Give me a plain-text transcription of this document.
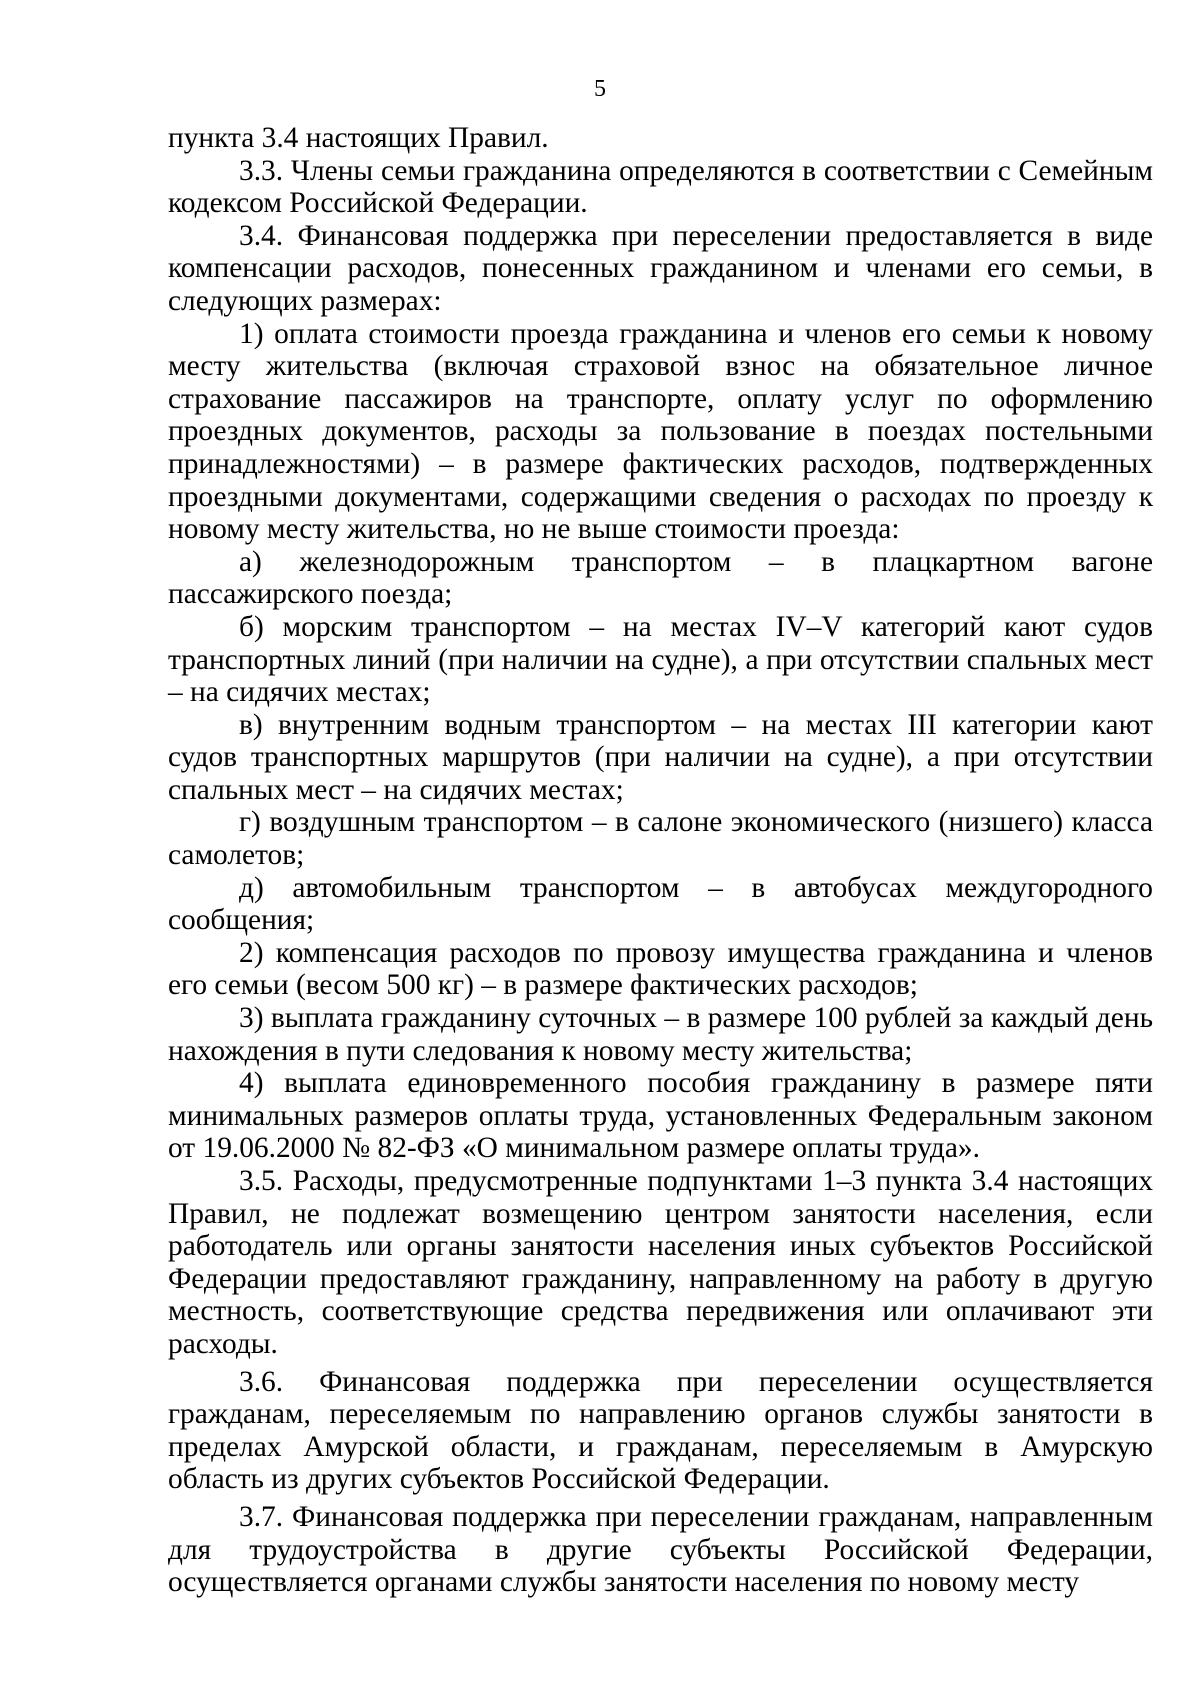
5

пункта 3.4 настоящих Правил.

3.3. Члены семьи гражданина определяются в соответствии с Семейным кодексом Российской Федерации.

3.4. Финансовая поддержка при переселении предоставляется в виде компенсации расходов, понесенных гражданином и членами его семьи, в следующих размерах:

1) оплата стоимости проезда гражданина и членов его семьи к новому месту жительства (включая страховой взнос на обязательное личное страхование пассажиров на транспорте, оплату услуг по оформлению проездных документов, расходы за пользование в поездах постельными принадлежностями) – в размере фактических расходов, подтвержденных проездными документами, содержащими сведения о расходах по проезду к новому месту жительства, но не выше стоимости проезда:

а) железнодорожным транспортом – в плацкартном вагоне пассажирского поезда;

б) морским транспортом – на местах IV–V категорий кают судов транспортных линий (при наличии на судне), а при отсутствии спальных мест – на сидячих местах;

в) внутренним водным транспортом – на местах III категории кают судов транспортных маршрутов (при наличии на судне), а при отсутствии спальных мест – на сидячих местах;

г) воздушным транспортом – в салоне экономического (низшего) класса самолетов;

д) автомобильным транспортом – в автобусах междугородного сообщения;

2) компенсация расходов по провозу имущества гражданина и членов его семьи (весом 500 кг) – в размере фактических расходов;

3) выплата гражданину суточных – в размере 100 рублей за каждый день нахождения в пути следования к новому месту жительства;

4) выплата единовременного пособия гражданину в размере пяти минимальных размеров оплаты труда, установленных Федеральным законом от 19.06.2000 № 82-ФЗ «О минимальном размере оплаты труда».

3.5. Расходы, предусмотренные подпунктами 1–3 пункта 3.4 настоящих Правил, не подлежат возмещению центром занятости населения, если работодатель или органы занятости населения иных субъектов Российской Федерации предоставляют гражданину, направленному на работу в другую местность, соответствующие средства передвижения или оплачивают эти расходы.

3.6. Финансовая поддержка при переселении осуществляется гражданам, переселяемым по направлению органов службы занятости в пределах Амурской области, и гражданам, переселяемым в Амурскую область из других субъектов Российской Федерации.

3.7. Финансовая поддержка при переселении гражданам, направленным для трудоустройства в другие субъекты Российской Федерации, осуществляется органами службы занятости населения по новому месту
